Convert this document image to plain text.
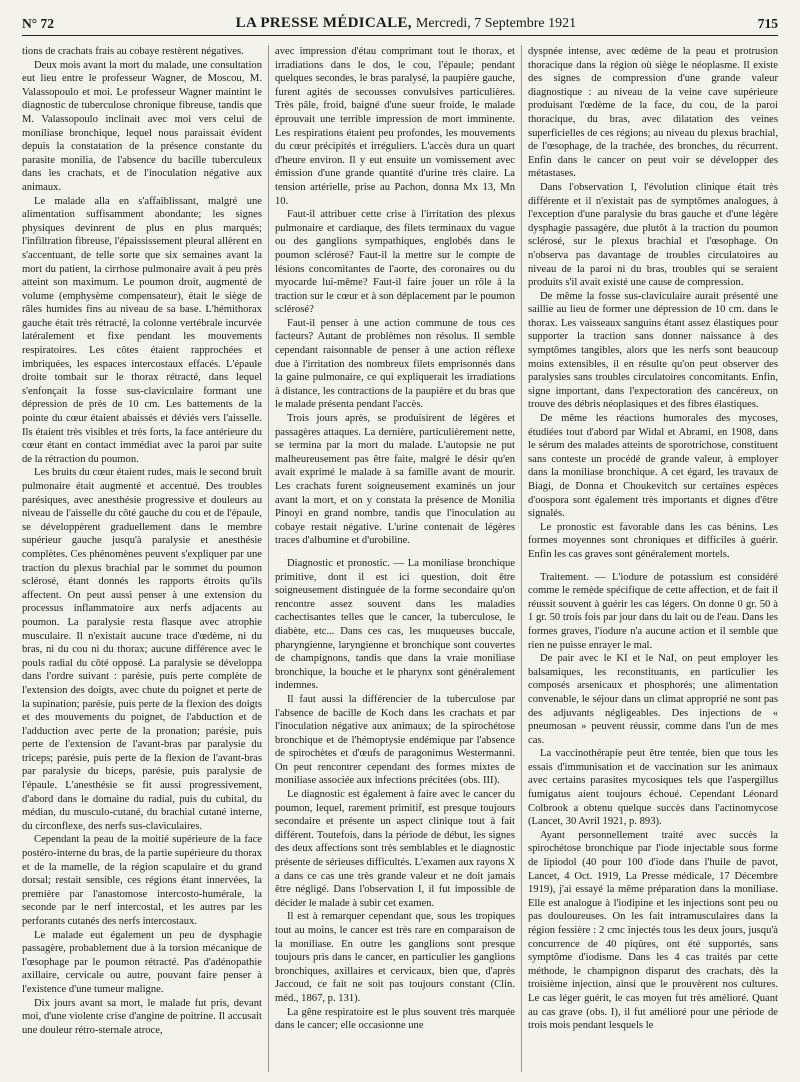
N° 72	LA PRESSE MÉDICALE, Mercredi, 7 Septembre 1921	715

tions de crachats frais au cobaye restèrent négatives.

Deux mois avant la mort du malade, une consultation eut lieu entre le professeur Wagner, de Moscou, M. Valassopoulo et moi. Le professeur Wagner maintint le diagnostic de tuberculose chronique fibreuse, tandis que M. Valassopoulo inclinait avec moi vers celui de moniliase bronchique, lequel nous paraissait évident depuis la constatation de la présence constante du parasite monilia, de l'absence du bacille tuberculeux dans les crachats, et de l'inoculation négative aux animaux.

Le malade alla en s'affaiblissant, malgré une alimentation suffisamment abondante; les signes physiques devinrent de plus en plus marqués; l'infiltration fibreuse, l'épaississement pleural allèrent en s'accentuant, de telle sorte que six semaines avant la mort du patient, la cirrhose pulmonaire avait à peu près atteint son maximum. Le poumon droit, augmenté de volume (emphysème compensateur), était le siège de râles humides fins au niveau de sa base. L'hémithorax gauche était très rétracté, la colonne vertébrale incurvée latéralement et fixe pendant les mouvements respiratoires. Les côtes étaient rapprochées et imbriquées, les espaces intercostaux effacés. L'épaule droite tombait sur le thorax rétracté, dans lequel s'enfonçait la fosse sus-claviculaire formant une dépression de près de 10 cm. Les battements de la pointe du cœur étaient abaissés et déviés vers l'aisselle. Ils étaient très visibles et très forts, la face antérieure du cœur étant en contact immédiat avec la paroi par suite de la rétraction du poumon.

Les bruits du cœur étaient rudes, mais le second bruit pulmonaire était augmenté et accentué. Des troubles parésiques, avec anesthésie progressive et douleurs au niveau de l'aisselle du côté gauche du cou et de l'épaule, se développèrent graduellement dans le membre supérieur gauche jusqu'à paralysie et anesthésie complètes. Ces phénomènes peuvent s'expliquer par une traction du plexus brachial par le sommet du poumon sclérosé, étant donnés les rapports étroits qu'ils affectent. On peut aussi penser à une extension du processus inflammatoire aux nerfs adjacents au poumon. La paralysie resta flasque avec atrophie musculaire. Il n'existait aucune trace d'œdème, ni du bras, ni du cou ni du thorax; aucune différence avec le pouls radial du côté opposé. La paralysie se développa dans l'ordre suivant : parésie, puis perte complète de l'extension des doigts, avec chute du poignet et perte de la supination; parésie, puis perte de la flexion des doigts et des mouvements du poignet, de l'abduction et de l'adduction avec perte de la pronation; parésie, puis perte de l'extension de l'avant-bras par paralysie du triceps; parésie, puis perte de la flexion de l'avant-bras par paralysie du biceps, parésie, puis paralysie de l'épaule. L'anesthésie se fit aussi progressivement, d'abord dans le domaine du radial, puis du cubital, du médian, du musculo-cutané, du brachial cutané interne, du circonflexe, des nerfs sus-claviculaires.

Cependant la peau de la moitié supérieure de la face postéro-interne du bras, de la partie supérieure du thorax et de la mamelle, de la région scapulaire et du grand dorsal; restait sensible, ces régions étant innervées, la première par l'anastomose intercosto-humérale, la seconde par le nerf intercostal, et les autres par les perforants cutanés des nerfs intercostaux.

Le malade eut également un peu de dysphagie passagère, probablement due à la torsion mécanique de l'œsophage par le poumon rétracté. Pas d'adénopathie axillaire, cervicale ou autre, pouvant faire penser à l'existence d'une tumeur maligne.

Dix jours avant sa mort, le malade fut pris, devant moi, d'une violente crise d'angine de poitrine. Il accusait une douleur rétro-sternale atroce,

avec impression d'étau comprimant tout le thorax, et irradiations dans le dos, le cou, l'épaule; pendant quelques secondes, le bras paralysé, la paupière gauche, furent agités de secousses convulsives particulières. Très pâle, froid, baigné d'une sueur froide, le malade éprouvait une terrible impression de mort imminente. Les respirations étaient peu profondes, les mouvements du cœur précipités et irréguliers. L'accès dura un quart d'heure environ. Il y eut ensuite un vomissement avec émission d'une grande quantité d'urine très claire. La tension artérielle, prise au Pachon, donna Mx 13, Mn 10.

Faut-il attribuer cette crise à l'irritation des plexus pulmonaire et cardiaque, des filets terminaux du vague ou des ganglions sympathiques, englobés dans le poumon sclérosé? Faut-il la mettre sur le compte de lésions concomitantes de l'aorte, des coronaires ou du myocarde lui-même? Faut-il faire jouer un rôle à la traction sur le cœur et à son déplacement par le poumon sclérosé?

Faut-il penser à une action commune de tous ces facteurs? Autant de problèmes non résolus. Il semble cependant raisonnable de penser à une action réflexe due à l'irritation des nombreux filets emprisonnés dans la gaine pulmonaire, ce qui expliquerait les irradiations à distance, les contractions de la paupière et du bras que le malade présenta pendant l'accès.

Trois jours après, se produisirent de légères et passagères attaques. La dernière, particulièrement nette, se termina par la mort du malade. L'autopsie ne put malheureusement pas être faite, malgré le désir qu'en avait exprimé le malade à sa famille avant de mourir. Les crachats furent soigneusement examinés un jour avant la mort, et on y constata la présence de Monilia Pinoyi en grand nombre, tandis que l'inoculation au cobaye restait négative. L'urine contenait de légères traces d'albumine et d'urobiline.

Diagnostic et pronostic. — La moniliase bronchique primitive, dont il est ici question, doit être soigneusement distinguée de la forme secondaire qu'on rencontre assez souvent dans les maladies cachectisantes telles que le cancer, la tuberculose, le diabète, etc... Dans ces cas, les muqueuses buccale, pharyngienne, laryngienne et bronchique sont couvertes de champignons, tandis que dans la vraie moniliase bronchique, la bouche et le pharynx sont généralement indemnes.

Il faut aussi la différencier de la tuberculose par l'absence de bacille de Koch dans les crachats et par l'inoculation négative aux animaux; de la spirochétose bronchique et de l'hémoptysie endémique par l'absence de spirochètes et d'œufs de paragonimus Westermanni. On peut rencontrer cependant des formes mixtes de moniliase associée aux infections précitées (obs. III).

Le diagnostic est également à faire avec le cancer du poumon, lequel, rarement primitif, est presque toujours secondaire et présente un aspect clinique tout à fait différent. Toutefois, dans la période de début, les signes des deux affections sont très semblables et le diagnostic présente de sérieuses difficultés. L'examen aux rayons X a dans ce cas une très grande valeur et ne doit jamais être négligé. Dans l'observation I, il fut impossible de décider le malade à subir cet examen.

Il est à remarquer cependant que, sous les tropiques tout au moins, le cancer est très rare en comparaison de la moniliase. En outre les ganglions sont presque toujours pris dans le cancer, en particulier les ganglions bronchiques, axillaires et cervicaux, bien que, d'après Jaccoud, ce fait ne soit pas toujours constant (Clin. méd., 1867, p. 131).

La gêne respiratoire est le plus souvent très marquée dans le cancer; elle occasionne une

dyspnée intense, avec œdème de la peau et protrusion thoracique dans la région où siège le néoplasme. Il existe des signes de compression d'une grande valeur diagnostique : au niveau de la veine cave supérieure produisant l'œdème de la face, du cou, de la paroi thoracique, du bras, avec dilatation des veines superficielles de ces régions; au niveau du plexus brachial, de l'œsophage, de la trachée, des bronches, du récurrent. Enfin dans le cancer on peut voir se développer des métastases.

Dans l'observation I, l'évolution clinique était très différente et il n'existait pas de symptômes analogues, à l'exception d'une paralysie du bras gauche et d'une légère dysphagie passagère, due plutôt à la traction du poumon sclérosé, sur le plexus brachial et l'œsophage. On n'observa pas davantage de troubles circulatoires au niveau de la paroi ni du bras, troubles qui se seraient produits s'il avait existé une cause de compression.

De même la fosse sus-claviculaire aurait présenté une saillie au lieu de former une dépression de 10 cm. dans le thorax. Les vaisseaux sanguins étant assez élastiques pour supporter la traction sans donner naissance à des symptômes tangibles, alors que les nerfs sont beaucoup moins extensibles, il en résulte qu'on peut observer des paralysies sans troubles circulatoires concomitants. Enfin, signe important, dans l'expectoration des cancéreux, on trouve des débris néoplasiques et des fibres élastiques.

De même les réactions humorales des mycoses, étudiées tout d'abord par Widal et Abrami, en 1908, dans le sérum des malades atteints de sporotrichose, constituent sans conteste un procédé de grande valeur, à employer dans la moniliase bronchique. A cet égard, les travaux de Biagi, de Donna et Choukevitch sur certaines espèces d'oospora sont également très importants et dignes d'être signalés.

Le pronostic est favorable dans les cas bénins. Les formes moyennes sont chroniques et difficiles à guérir. Enfin les cas graves sont généralement mortels.

Traitement. — L'iodure de potassium est considéré comme le remède spécifique de cette affection, et de fait il réussit souvent à guérir les cas légers. On donne 0 gr. 50 à 1 gr. 50 trois fois par jour dans du lait ou de l'eau. Dans les formes graves, l'iodure n'a aucune action et il semble que rien ne puisse enrayer le mal.

De pair avec le KI et le NaI, on peut employer les balsamiques, les reconstituants, en particulier les composés arsenicaux et phosphorés; une alimentation convenable, le séjour dans un climat approprié ne sont pas des adjuvants négligeables. Des injections de « pneumosan » peuvent réussir, comme dans l'un de mes cas.

La vaccinothérapie peut être tentée, bien que tous les essais d'immunisation et de vaccination sur les animaux avec certains parasites mycosiques tels que l'aspergillus fumigatus aient toujours échoué. Cependant Léonard Colbrook a obtenu quelque succès dans l'actinomycose (Lancet, 30 Avril 1921, p. 893).

Ayant personnellement traité avec succès la spirochétose bronchique par l'iode injectable sous forme de lipiodol (40 pour 100 d'iode dans l'huile de pavot, Lancet, 4 Oct. 1919, La Presse médicale, 17 Décembre 1919), j'ai essayé la même préparation dans la moniliase. Elle est analogue à l'iodipine et les injections sont peu ou pas douloureuses. On les fait intramusculaires dans la région fessière : 2 cmc injectés tous les deux jours, jusqu'à concurrence de 40 piqûres, ont été supportés, sans symptôme d'iodisme. Dans les 4 cas traités par cette méthode, le champignon disparut des crachats, dès la troisième injection, ainsi que le prouvèrent nos cultures. Le cas léger guérit, le cas moyen fut très amélioré. Quant au cas grave (obs. I), il fut amélioré pour une période de trois mois pendant lesquels le
